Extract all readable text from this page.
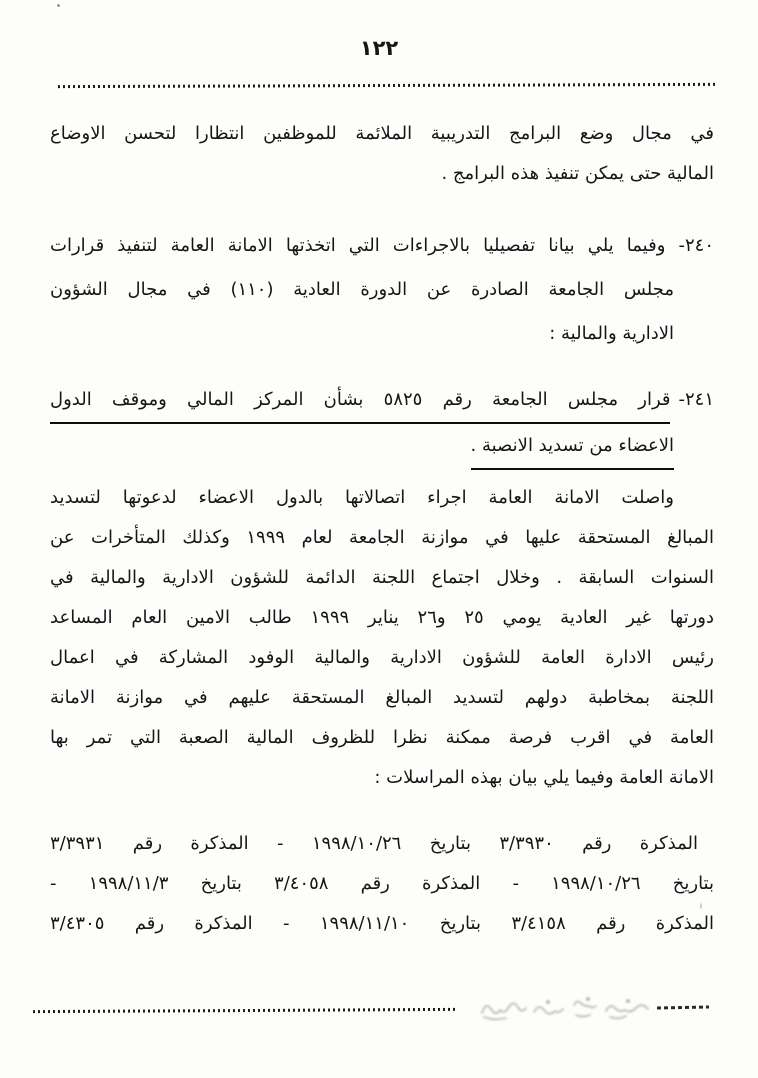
١٢٢
في مجال وضع البرامج التدريبية الملائمة للموظفين انتظارا لتحسن الاوضاع
المالية حتى يمكن تنفيذ هذه البرامج .
٢٤٠- وفيما يلي بيانا تفصيليا بالاجراءات التي اتخذتها الامانة العامة لتنفيذ قرارات
مجلس الجامعة الصادرة عن الدورة العادية (١١٠) في مجال الشؤون
الادارية والمالية :
٢٤١-
قرار مجلس الجامعة رقم ٥٨٢٥ بشأن المركز المالي وموقف الدول
الاعضاء من تسديد الانصبة .
واصلت الامانة العامة اجراء اتصالاتها بالدول الاعضاء لدعوتها لتسديد
المبالغ المستحقة عليها في موازنة الجامعة لعام ١٩٩٩ وكذلك المتأخرات عن
السنوات السابقة . وخلال اجتماع اللجنة الدائمة للشؤون الادارية والمالية في
دورتها غير العادية يومي ٢٥ و٢٦ يناير ١٩٩٩ طالب الامين العام المساعد
رئيس الادارة العامة للشؤون الادارية والمالية الوفود المشاركة في اعمال
اللجنة بمخاطبة دولهم لتسديد المبالغ المستحقة عليهم في موازنة الامانة
العامة في اقرب فرصة ممكنة نظرا للظروف المالية الصعبة التي تمر بها
الامانة العامة وفيما يلي بيان بهذه المراسلات :
المذكرة رقم ٣/٣٩٣٠ بتاريخ ١٩٩٨/١٠/٢٦ - المذكرة رقم ٣/٣٩٣١
بتاريخ ١٩٩٨/١٠/٢٦ - المذكرة رقم ٣/٤٠٥٨ بتاريخ ١٩٩٨/١١/٣ -
المذكرة رقم ٣/٤١٥٨ بتاريخ ١٩٩٨/١١/١٠ - المذكرة رقم ٣/٤٣٠٥
